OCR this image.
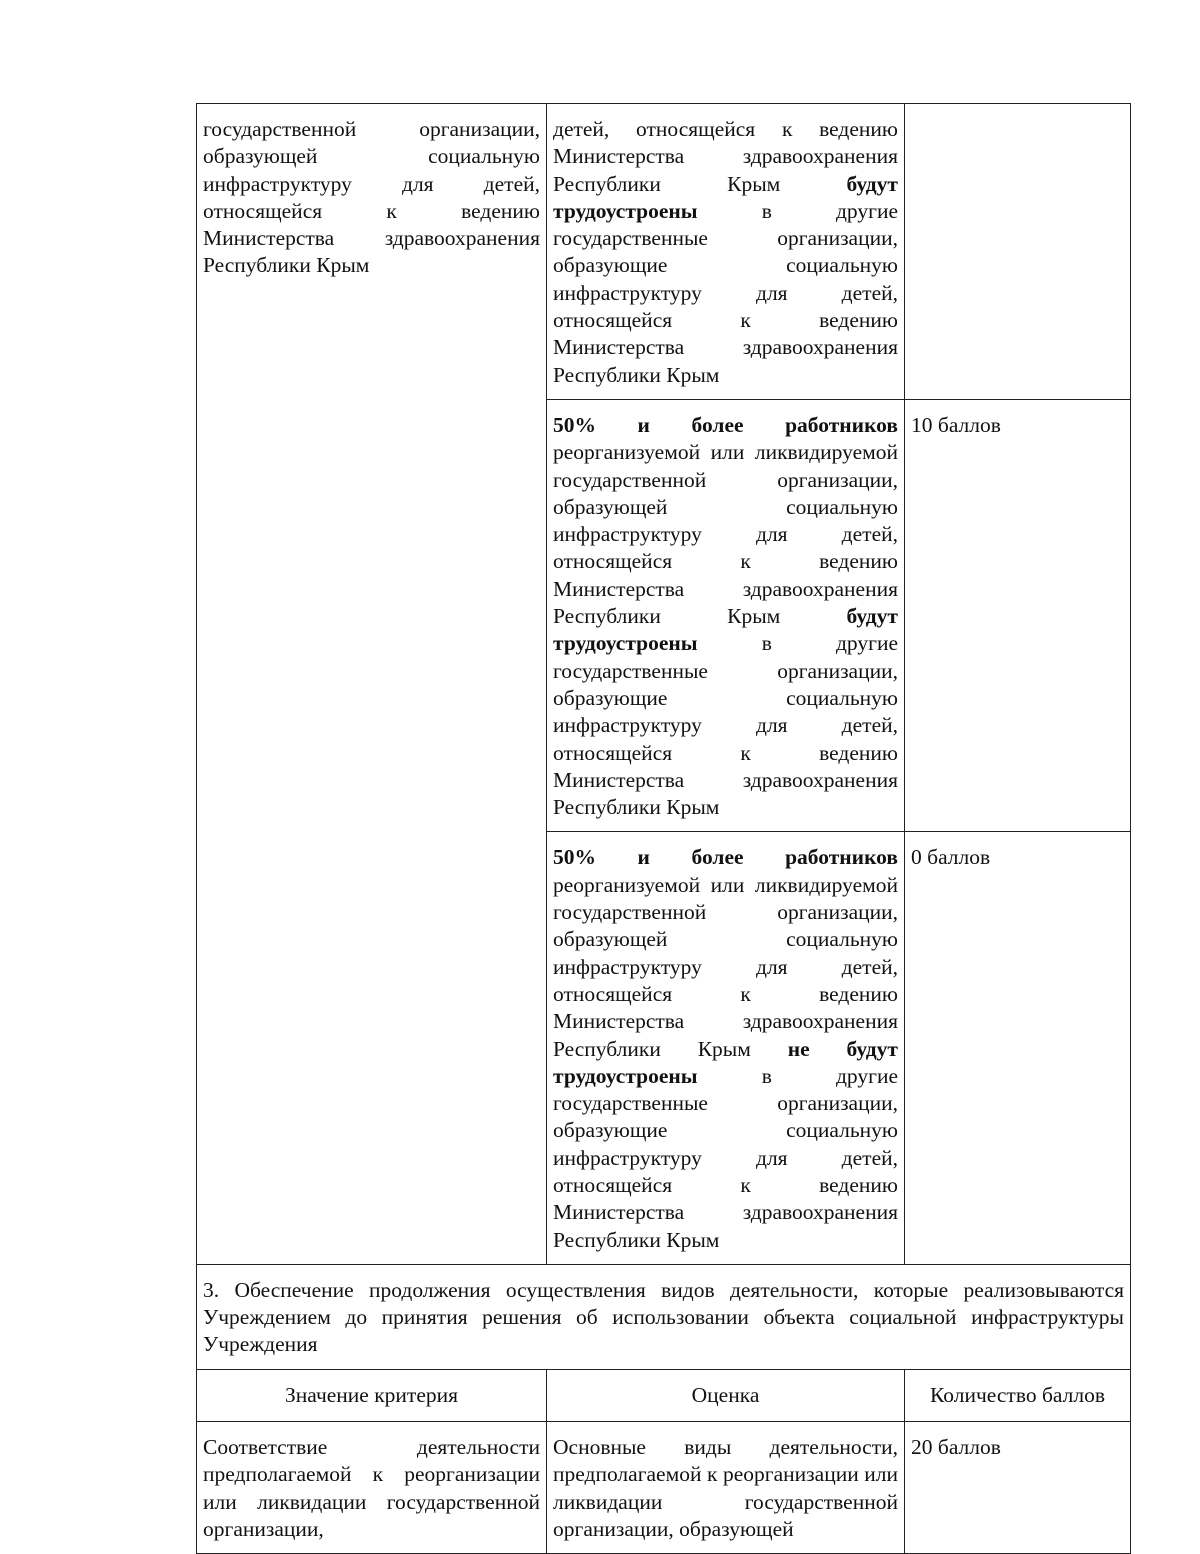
государственной организации, образующей социальную инфраструктуру для детей, относящейся к ведению Министерства здравоохранения Республики Крым	детей, относящейся к ведению Министерства здравоохранения Республики Крым будут трудоустроены в другие государственные организации, образующие социальную инфраструктуру для детей, относящейся к ведению Министерства здравоохранения Республики Крым	
	50% и более работников реорганизуемой или ликвидируемой государственной организации, образующей социальную инфраструктуру для детей, относящейся к ведению Министерства здравоохранения Республики Крым будут трудоустроены в другие государственные организации, образующие социальную инфраструктуру для детей, относящейся к ведению Министерства здравоохранения Республики Крым	10 баллов
	50% и более работников реорганизуемой или ликвидируемой государственной организации, образующей социальную инфраструктуру для детей, относящейся к ведению Министерства здравоохранения Республики Крым не будут трудоустроены в другие государственные организации, образующие социальную инфраструктуру для детей, относящейся к ведению Министерства здравоохранения Республики Крым	0 баллов
3. Обеспечение продолжения осуществления видов деятельности, которые реализовываются Учреждением до принятия решения об использовании объекта социальной инфраструктуры Учреждения		
Значение критерия	Оценка	Количество баллов
Соответствие деятельности предполагаемой к реорганизации или ликвидации государственной организации,	Основные виды деятельности, предполагаемой к реорганизации или ликвидации государственной организации, образующей	20 баллов
